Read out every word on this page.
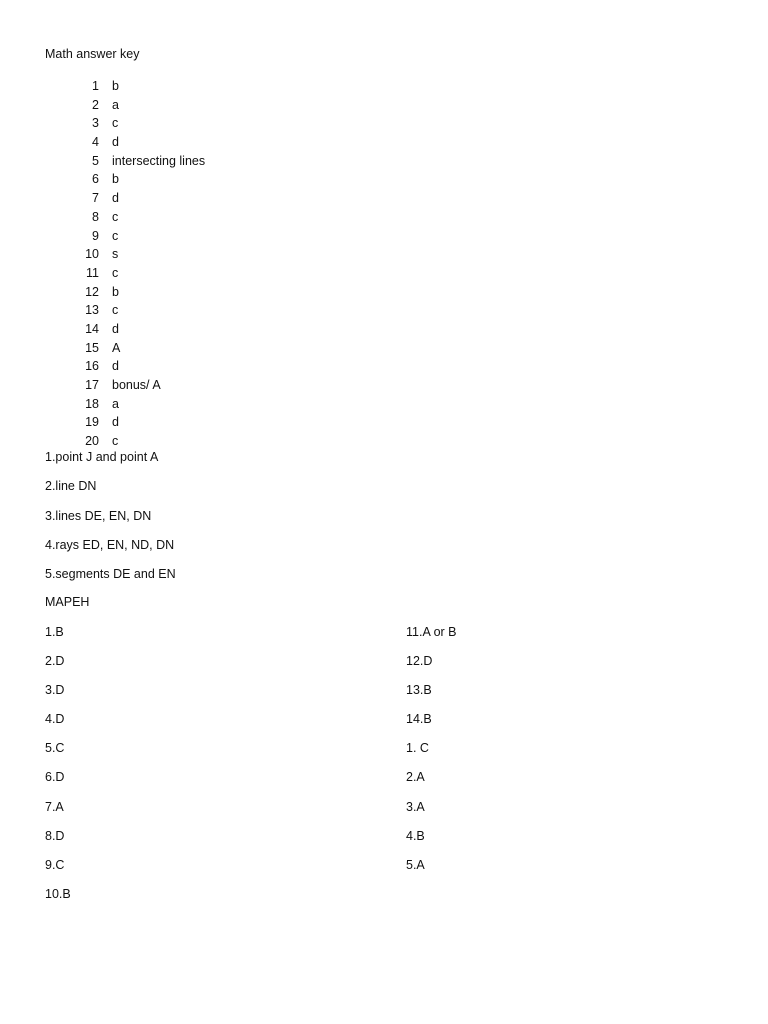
Math answer key
1 b
2 a
3 c
4 d
5 intersecting lines
6 b
7 d
8 c
9 c
10 s
11 c
12 b
13 c
14 d
15 A
16 d
17 bonus/ A
18 a
19 d
20 c
1.point J and point A
2.line DN
3.lines DE, EN, DN
4.rays ED, EN, ND, DN
5.segments DE and EN
MAPEH
1.B
2.D
3.D
4.D
5.C
6.D
7.A
8.D
9.C
10.B
11.A or B
12.D
13.B
14.B
1. C
2.A
3.A
4.B
5.A
